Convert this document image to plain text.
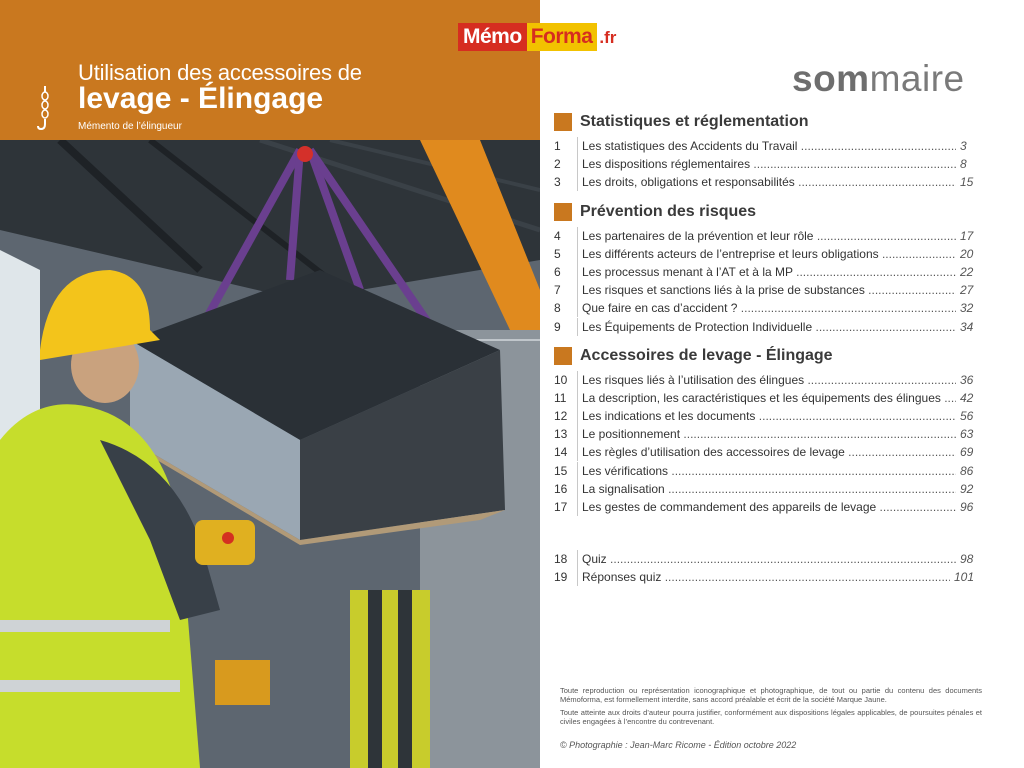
Utilisation des accessoires de
levage - Élingage
Mémento de l’élingueur
Mémo Forma .fr
sommaire
Statistiques et réglementation
1	Les statistiques des Accidents du Travail .....	3
2	Les dispositions réglementaires .....	8
3	Les droits, obligations et responsabilités .....	15
Prévention des risques
4	Les partenaires de la prévention et leur rôle .....	17
5	Les différents acteurs de l’entreprise et leurs obligations .....	20
6	Les processus menant à l’AT et à la MP .....	22
7	Les risques et sanctions liés à la prise de substances .....	27
8	Que faire en cas d’accident ? .....	32
9	Les Équipements de Protection Individuelle .....	34
Accessoires de levage - Élingage
10	Les risques liés à l’utilisation des élingues .....	36
11	La description, les caractéristiques et les équipements des élingues .....	42
12	Les indications et les documents .....	56
13	Le positionnement .....	63
14	Les règles d’utilisation des accessoires de levage .....	69
15	Les vérifications .....	86
16	La signalisation .....	92
17	Les gestes de commandement des appareils de levage .....	96
18	Quiz .....	98
19	Réponses quiz .....	101

Toute reproduction ou représentation iconographique et photographique, de tout ou partie du contenu des documents Mémoforma, est formellement interdite, sans accord préalable et écrit de la société Marque Jaune.

Toute atteinte aux droits d’auteur pourra justifier, conformément aux dispositions légales applicables, de poursuites pénales et civiles engagées à l’encontre du contrevenant.

© Photographie : Jean-Marc Ricome - Édition octobre 2022
